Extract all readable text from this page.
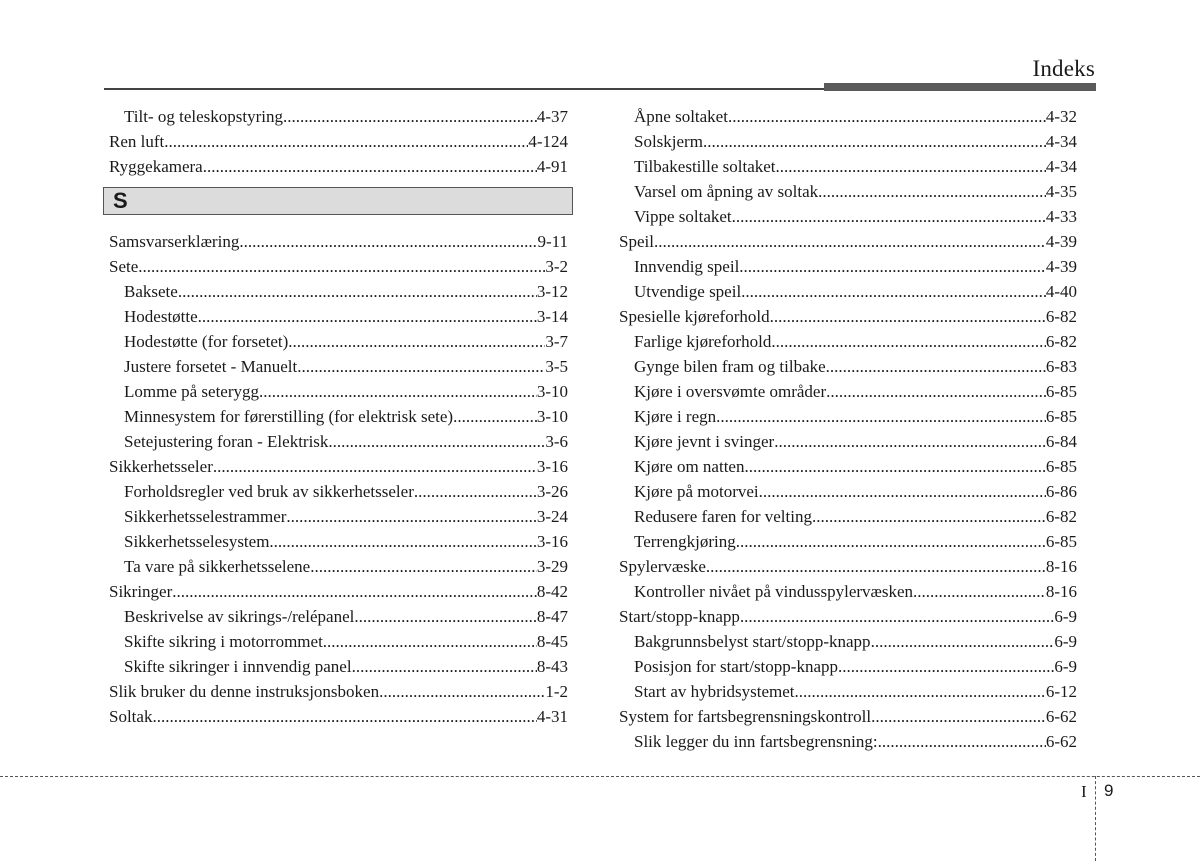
Indeks
Tilt- og teleskopstyring .....	4-37
Ren luft .....	4-124
Ryggekamera .....	4-91
S
Samsvarserklæring .....	9-11
Sete .....	3-2
Baksete .....	3-12
Hodestøtte .....	3-14
Hodestøtte (for forsetet) .....	3-7
Justere forsetet - Manuelt .....	3-5
Lomme på seterygg .....	3-10
Minnesystem for førerstilling (for elektrisk sete) .....	3-10
Setejustering foran - Elektrisk .....	3-6
Sikkerhetsseler .....	3-16
Forholdsregler ved bruk av sikkerhetsseler .....	3-26
Sikkerhetsselestrammer .....	3-24
Sikkerhetsselesystem .....	3-16
Ta vare på sikkerhetsselene .....	3-29
Sikringer .....	8-42
Beskrivelse av sikrings-/relépanel .....	8-47
Skifte sikring i motorrommet .....	8-45
Skifte sikringer i innvendig panel .....	8-43
Slik bruker du denne instruksjonsboken .....	1-2
Soltak .....	4-31
Åpne soltaket .....	4-32
Solskjerm .....	4-34
Tilbakestille soltaket .....	4-34
Varsel om åpning av soltak .....	4-35
Vippe soltaket .....	4-33
Speil .....	4-39
Innvendig speil .....	4-39
Utvendige speil .....	4-40
Spesielle kjøreforhold .....	6-82
Farlige kjøreforhold .....	6-82
Gynge bilen fram og tilbake .....	6-83
Kjøre i oversvømte områder .....	6-85
Kjøre i regn .....	6-85
Kjøre jevnt i svinger .....	6-84
Kjøre om natten .....	6-85
Kjøre på motorvei .....	6-86
Redusere faren for velting .....	6-82
Terrengkjøring .....	6-85
Spylervæske .....	8-16
Kontroller nivået på vindusspylervæsken .....	8-16
Start/stopp-knapp .....	6-9
Bakgrunnsbelyst start/stopp-knapp .....	6-9
Posisjon for start/stopp-knapp .....	6-9
Start av hybridsystemet .....	6-12
System for fartsbegrensningskontroll .....	6-62
Slik legger du inn fartsbegrensning: .....	6-62
I 9
